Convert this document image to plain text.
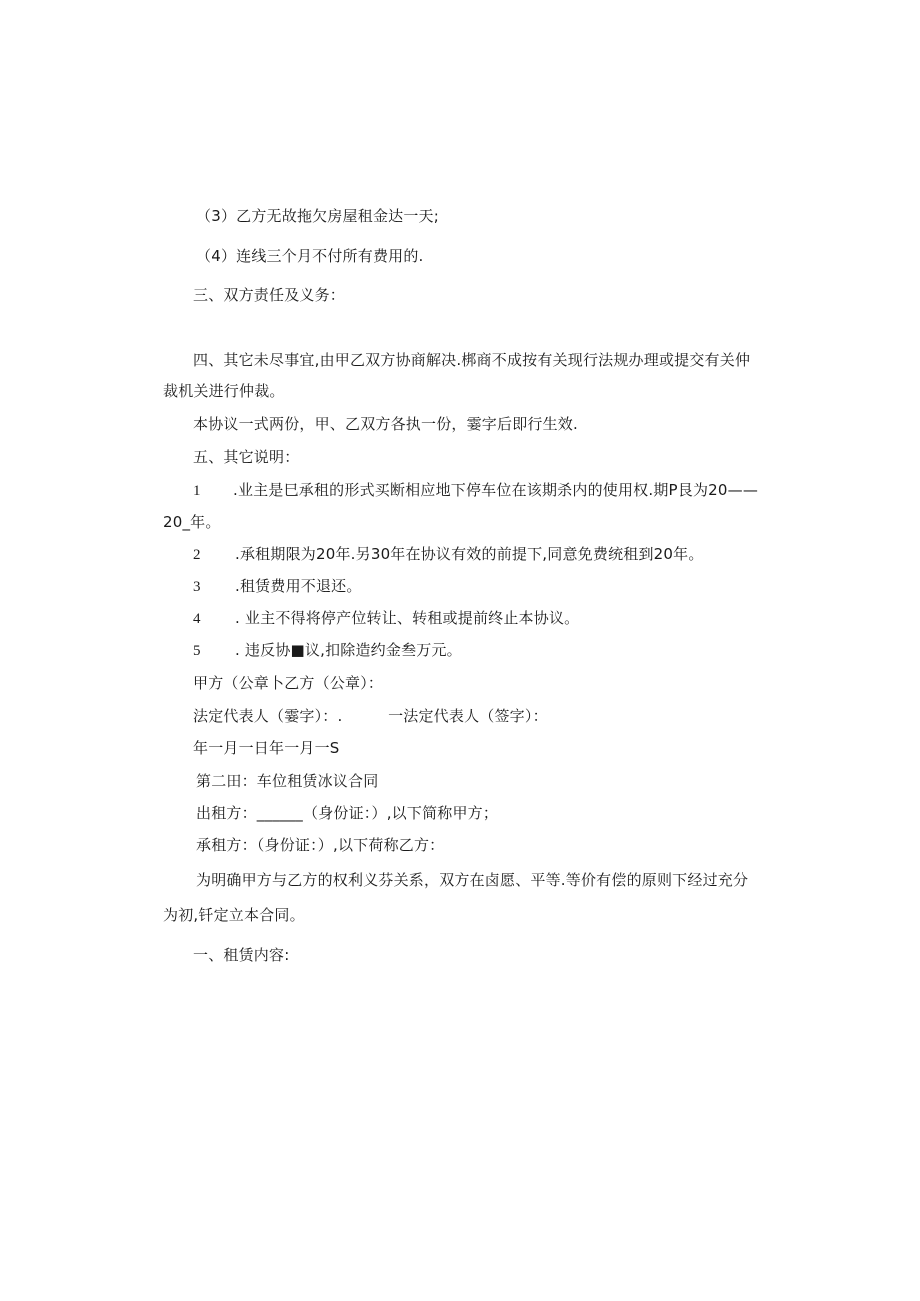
（3）乙方无故拖欠房屋租金达一天;
（4）连线三个月不付所有费用的.
三、双方责任及义务：
四、其它未尽事宜,由甲乙双方协商解决.梆商不成按有关现行法规办理或提交有关仲
裁机关进行仲裁。
本协议一式两份，甲、乙双方各执一份，霎字后即行生效.
五、其它说明：
1 .业主是巳承租的形式买断相应地下停车位在该期杀内的使用权.期P艮为20——
20_年。
2 .承租期限为20年.另30年在协议有效的前提下,同意免费统租到20年。
3 .租赁费用不退还。
4 . 业主不得将停产位转让、转租或提前终止本协议。
5 . 违反协■议,扣除造约金叁万元。
甲方（公章卜乙方（公章）：
法定代表人（霎字）：.　　　一法定代表人（签字）：
年一月一日年一月一S
第二田：车位租赁冰议合同
出租方：______（身份证：）,以下简称甲方；
承租方：（身份证：）,以下荷称乙方：
为明确甲方与乙方的权利义芬关系，双方在卤愿、平等.等价有偿的原则下经过充分
为初,钎定立本合同。
一、租赁内容:
